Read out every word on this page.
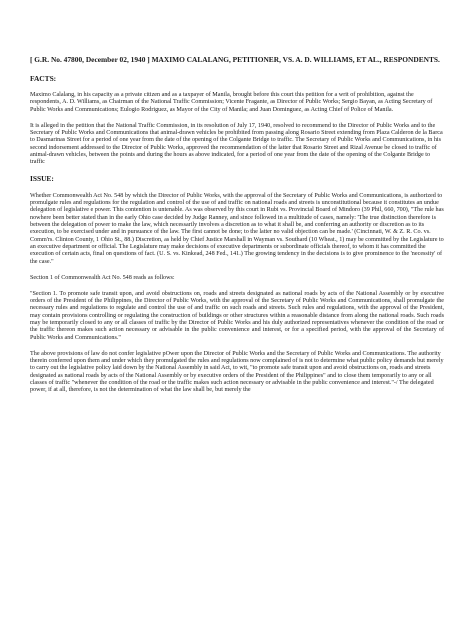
[ G.R. No. 47800, December 02, 1940 ] MAXIMO CALALANG, PETITIONER, VS. A. D. WILLIAMS, ET AL., RESPONDENTS.
FACTS:

Maximo Calalang, in his capacity as a private citizen and as a taxpayer of Manila, brought before this court this petition for a writ of prohibition, against the respondents, A. D. Williams, as Chairman of the National Traffic Commission; Vicente Fragante, as Director of Public Works; Sergio Bayan, as Acting Secretary of Public Works and Communications; Eulogio Rodriguez, as Mayor of the City of Manila; and Juan Dominguez, as Acting Chief of Police of Manila.

It is alleged in the petition that the National Traffic Commission, in its resolution of July 17, 1940, resolved to recommend to the Director of Public Works and to the Secretary of Public Works and Communications that animal-drawn vehicles be prohibited from passing along Rosario Street extending from Plaza Calderon de la Barca to Dasmarinas Street for a period of one year from the date of the opening of the Colgante Bridge to traffic. The Secretary of Public Works and Communications, in his second indorsement addressed to the Director of Public Works, approved the recommendation of the latter that Rosario Street and Rizal Avenue be closed to traffic of animal-drawn vehicles, between the points and during the hours as above indicated, for a period of one year from the date of the opening of the Colgante Bridge to traffic

ISSUE:

Whether Commonwealth Act No. 548 by which the Director of Public Works, with the approval of the Secretary of Public Works and Communications, is authorized to promulgate rules and regulations for the regulation and control of the use of and traffic on national roads and streets is unconstitutional because it constitutes an undue delegation of legislative e power. This contention is untenable. As was observed by this court in Rubi vs. Provincial Board of Mindoro (39 Phil, 660, 700), "The rule has nowhere been better stated than in the early Ohio case decided by Judge Ranney, and since followed in a multitude of cases, namely: 'The true distinction therefore is between the delegation of power to make the law, which necessarily involves a discretion as to what it shall be, and conferring an authority or discretion as to its execution, to be exercised under and in pursuance of the law. The first cannot be done; to the latter no valid objection can be made.' (Cincinnati, W. & Z. R. Co. vs. Comm'rs. Clinton County, 1 Ohio St., 88.) Discretion, as held by Chief Justice Marshall in Wayman vs. Southard (10 Wheat., 1) may be committed by the Legislature to an executive department or official. The Legislature may make decisions of executive departments or subordinate officials thereof, to whom it has committed the execution of certain acts, final on questions of fact. (U. S. vs. Kinkead, 248 Fed., 141.) The growing tendency in the decisions is to give prominence to the 'necessity' of the case."

Section 1 of Commonwealth Act No. 548 reads as follows:

"Section 1. To promote safe transit upon, and avoid obstructions on, roads and streets designated as national roads by acts of the National Assembly or by executive orders of the President of the Philippines, the Director of Public Works, with the approval of the Secretary of Public Works and Communications, shall promulgate the necessary rules and regulations to regulate and control the use of and traffic on such roads and streets. Such rules and regulations, with the approval of the President, may contain provisions controlling or regulating the construction of buildings or other structures within a reasonable distance from along the national roads. Such roads may be temporarily closed to any or all classes of traffic by the Director of Public Works and his duly authorized representatives whenever the condition of the road or the traffic thereon makes such action necessary or advisable in the public convenience and interest, or for a specified period, with the approval of the Secretary of Public Works and Communications."

The above provisions of law do not confer legislative pOwer upon the Director of Public Works and the Secretary of Public Works and Communications. The authority therein conferred upon them and under which they promulgated the rules and regulations now complained of is not to determine what public policy demands but merely to carry out the legislative policy laid down by the National Assembly in said Act, to wit, "to promote safe transit upon and avoid obstructions on, roads and streets designated as national roads by acts of the National Assembly or by executive orders of the President of the Philippines" and to close them temporarily to any or all classes of traffic "whenever the condition of the road or the traffic makes such action necessary or advisable in the public convenience and interest."-/ The delegated power, if at all, therefore, is not the determination of what the law shall be, but merely the
